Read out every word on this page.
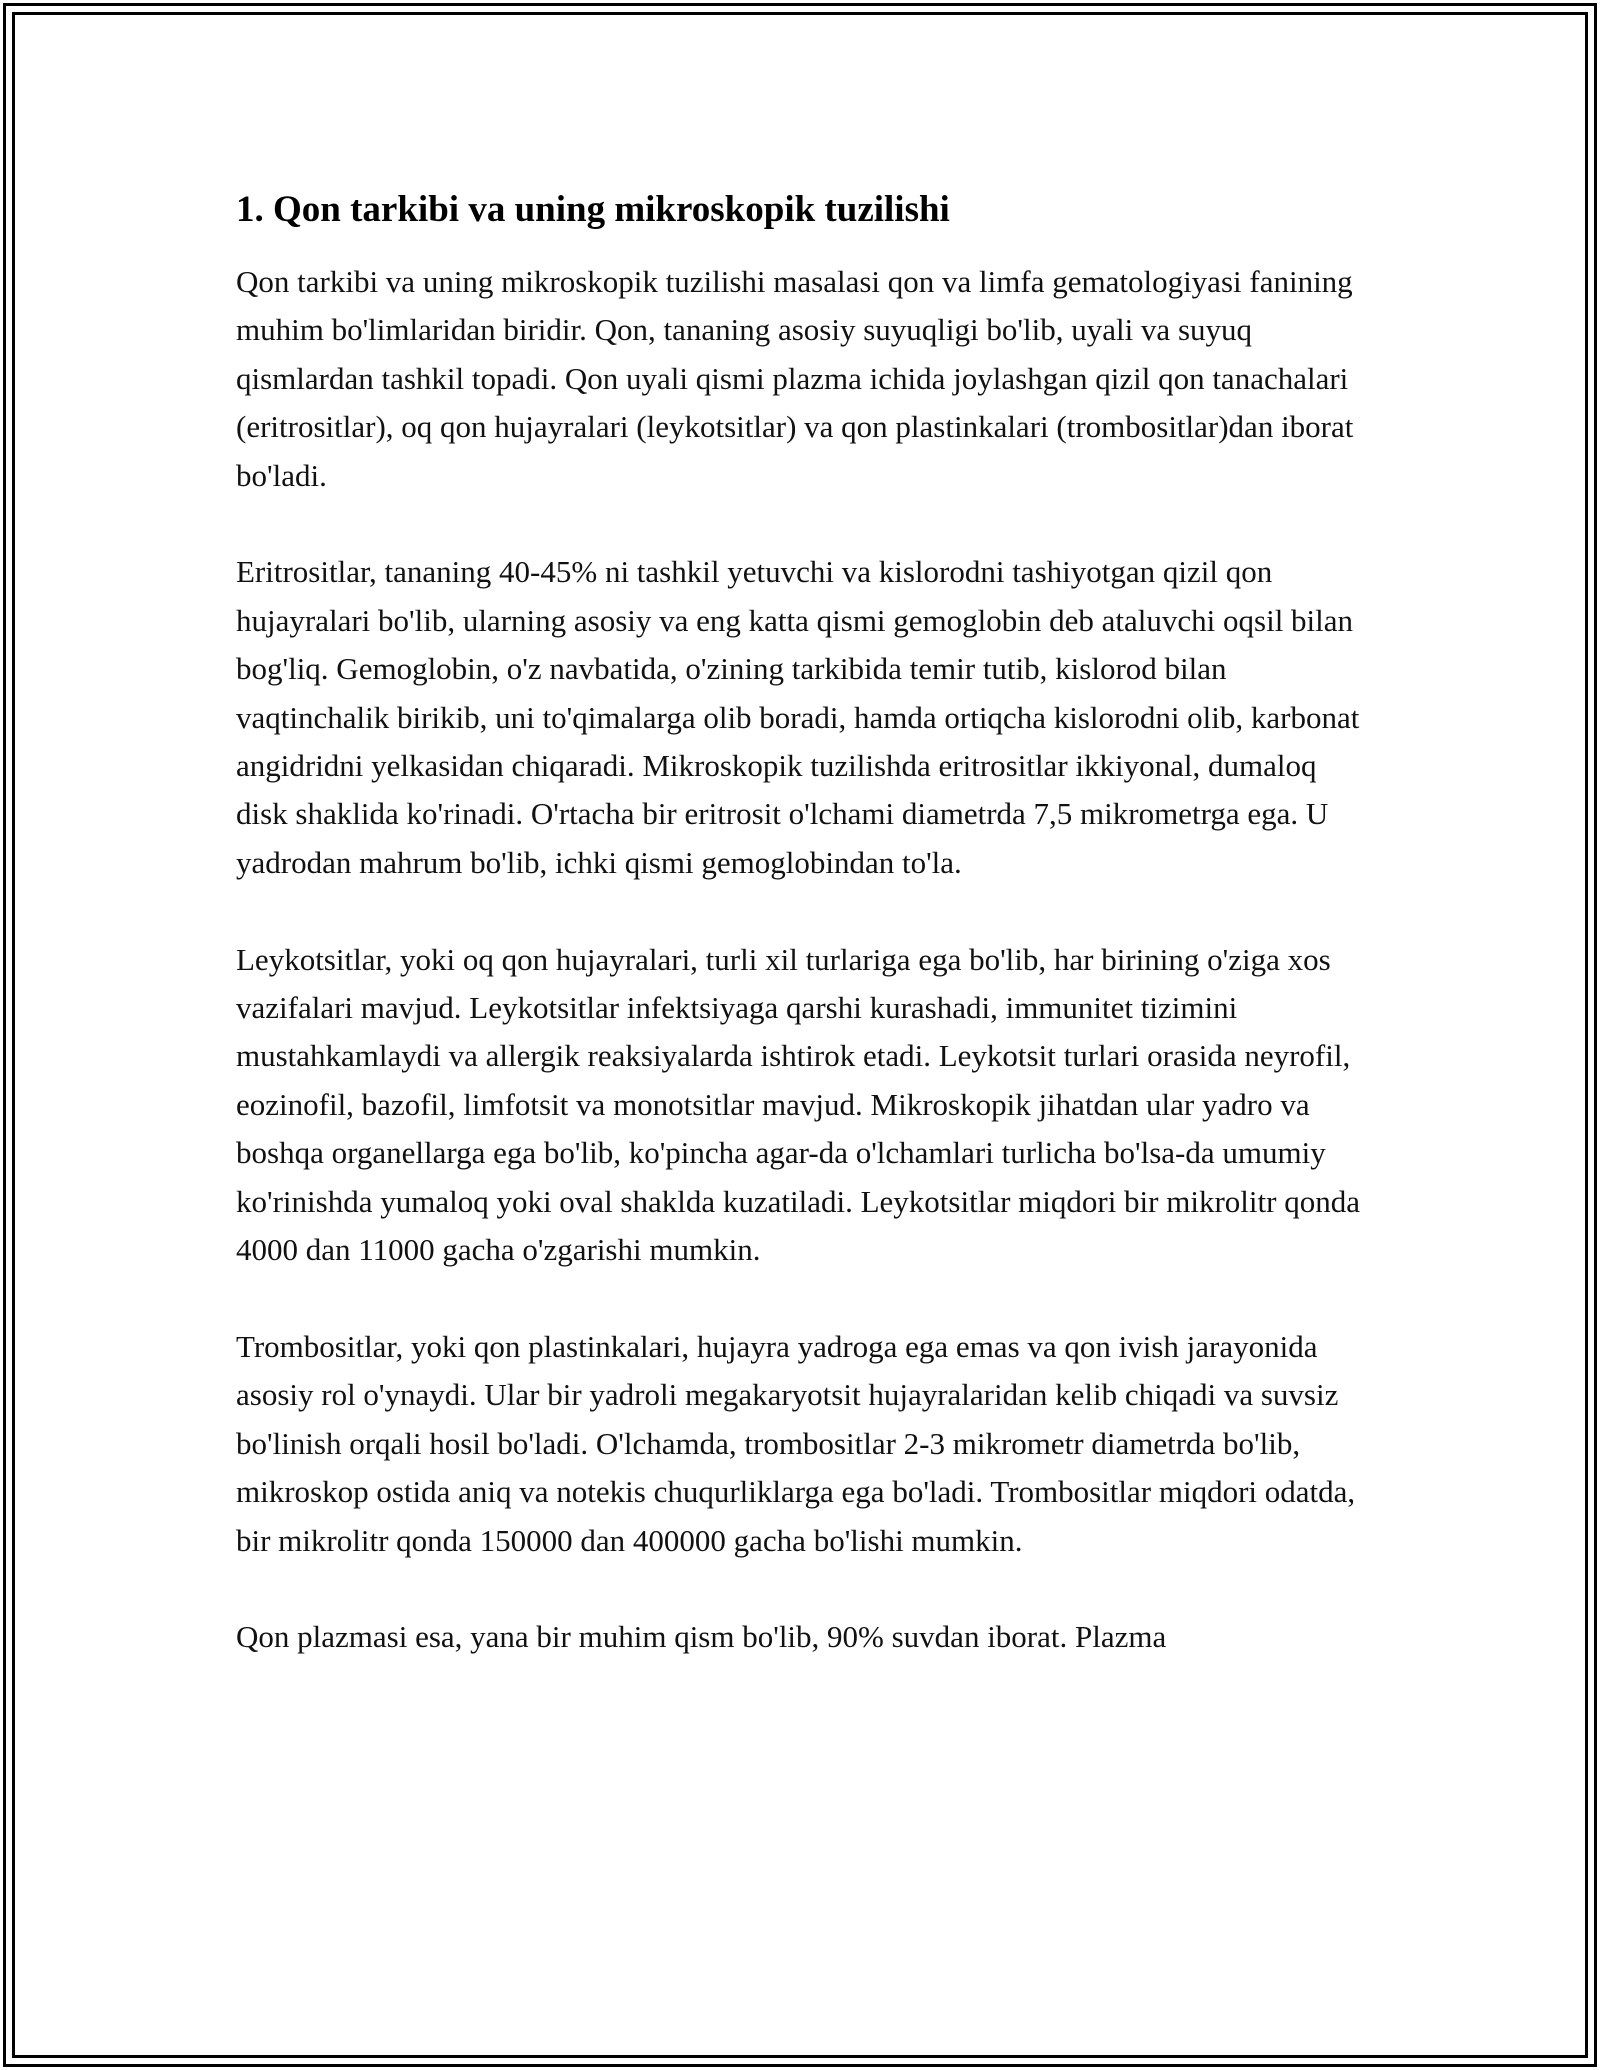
1. Qon tarkibi va uning mikroskopik tuzilishi

Qon tarkibi va uning mikroskopik tuzilishi masalasi qon va limfa gematologiyasi fanining muhim bo'limlaridan biridir. Qon, tananing asosiy suyuqligi bo'lib, uyali va suyuq qismlardan tashkil topadi. Qon uyali qismi plazma ichida joylashgan qizil qon tanachalari (eritrositlar), oq qon hujayralari (leykotsitlar) va qon plastinkalari (trombositlar)dan iborat bo'ladi.

Eritrositlar, tananing 40-45% ni tashkil yetuvchi va kislorodni tashiyotgan qizil qon hujayralari bo'lib, ularning asosiy va eng katta qismi gemoglobin deb ataluvchi oqsil bilan bog'liq. Gemoglobin, o'z navbatida, o'zining tarkibida temir tutib, kislorod bilan vaqtinchalik birikib, uni to'qimalarga olib boradi, hamda ortiqcha kislorodni olib, karbonat angidridni yelkasidan chiqaradi. Mikroskopik tuzilishda eritrositlar ikkiyonal, dumaloq disk shaklida ko'rinadi. O'rtacha bir eritrosit o'lchami diametrda 7,5 mikrometrga ega. U yadrodan mahrum bo'lib, ichki qismi gemoglobindan to'la.

Leykotsitlar, yoki oq qon hujayralari, turli xil turlariga ega bo'lib, har birining o'ziga xos vazifalari mavjud. Leykotsitlar infektsiyaga qarshi kurashadi, immunitet tizimini mustahkamlaydi va allergik reaksiyalarda ishtirok etadi. Leykotsit turlari orasida neyrofil, eozinofil, bazofil, limfotsit va monotsitlar mavjud. Mikroskopik jihatdan ular yadro va boshqa organellarga ega bo'lib, ko'pincha agar-da o'lchamlari turlicha bo'lsa-da umumiy ko'rinishda yumaloq yoki oval shakldа kuzatiladi. Leykotsitlar miqdori bir mikrolitr qonda 4000 dan 11000 gacha o'zgarishi mumkin.

Trombositlar, yoki qon plastinkalari, hujayra yadroga ega emas va qon ivish jarayonida asosiy rol o'ynaydi. Ular bir yadroli megakaryotsit hujayralaridan kelib chiqadi va suvsiz bo'linish orqali hosil bo'ladi. O'lchamda, trombositlar 2-3 mikrometr diametrda bo'lib, mikroskop ostida aniq va notekis chuqurliklarga ega bo'ladi. Trombositlar miqdori odatda, bir mikrolitr qonda 150000 dan 400000 gacha bo'lishi mumkin.

Qon plazmasi esa, yana bir muhim qism bo'lib, 90% suvdan iborat. Plazma
